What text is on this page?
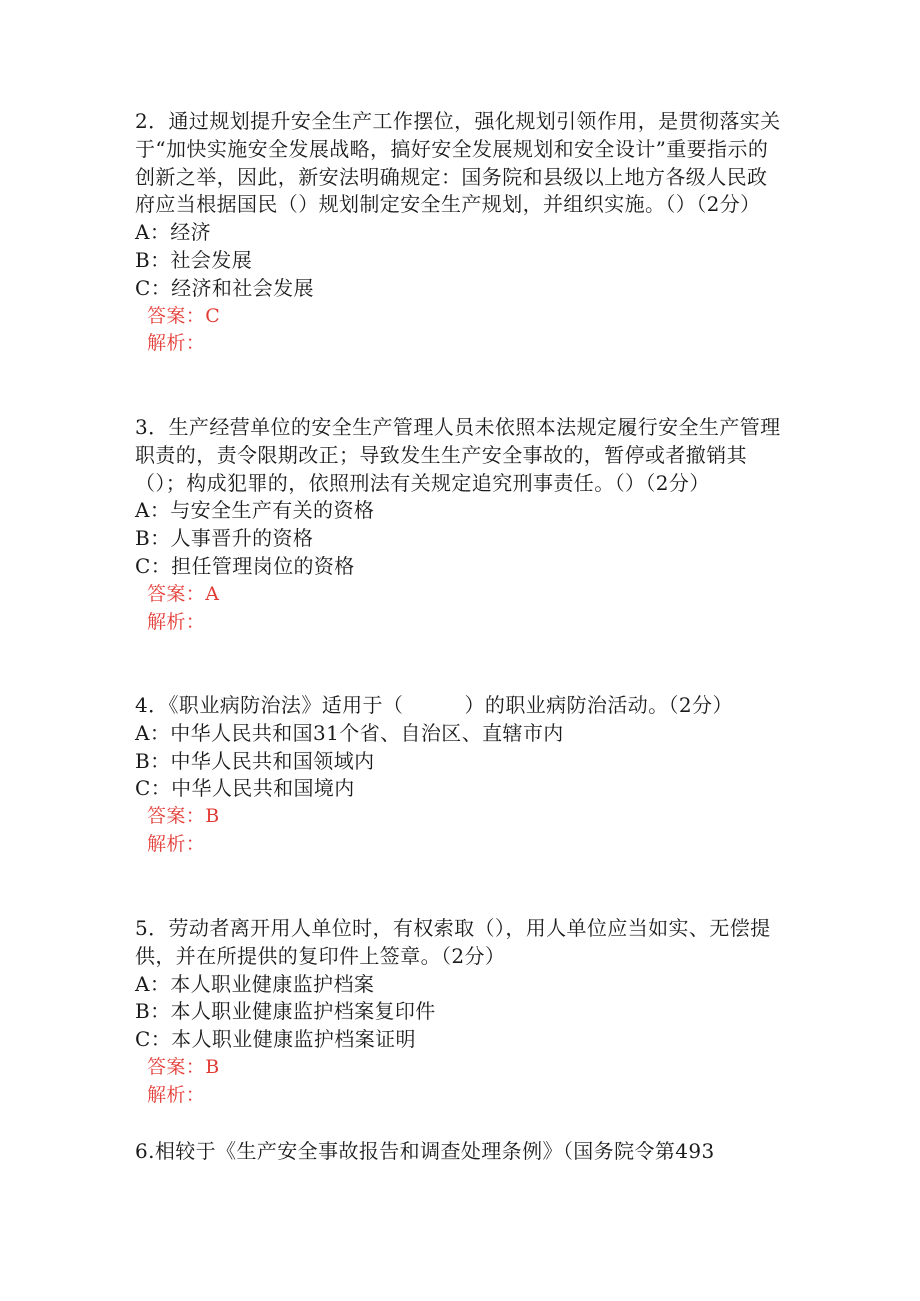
2．通过规划提升安全生产工作摆位，强化规划引领作用，是贯彻落实关于“加快实施安全发展战略，搞好安全发展规划和安全设计”重要指示的创新之举，因此，新安法明确规定：国务院和县级以上地方各级人民政府应当根据国民（）规划制定安全生产规划，并组织实施。（）（2分）

A：经济

B：社会发展

C：经济和社会发展

答案：C

解析：

3．生产经营单位的安全生产管理人员未依照本法规定履行安全生产管理职责的，责令限期改正；导致发生生产安全事故的，暂停或者撤销其（）；构成犯罪的，依照刑法有关规定追究刑事责任。（）（2分）

A：与安全生产有关的资格

B：人事晋升的资格

C：担任管理岗位的资格

答案：A

解析：

4．《职业病防治法》适用于（　　　）的职业病防治活动。（2分）

A：中华人民共和国31个省、自治区、直辖市内

B：中华人民共和国领域内

C：中华人民共和国境内

答案：B

解析：

5．劳动者离开用人单位时，有权索取（），用人单位应当如实、无偿提供，并在所提供的复印件上签章。（2分）

A：本人职业健康监护档案

B：本人职业健康监护档案复印件

C：本人职业健康监护档案证明

答案：B

解析：

6.相较于《生产安全事故报告和调查处理条例》（国务院令第493
